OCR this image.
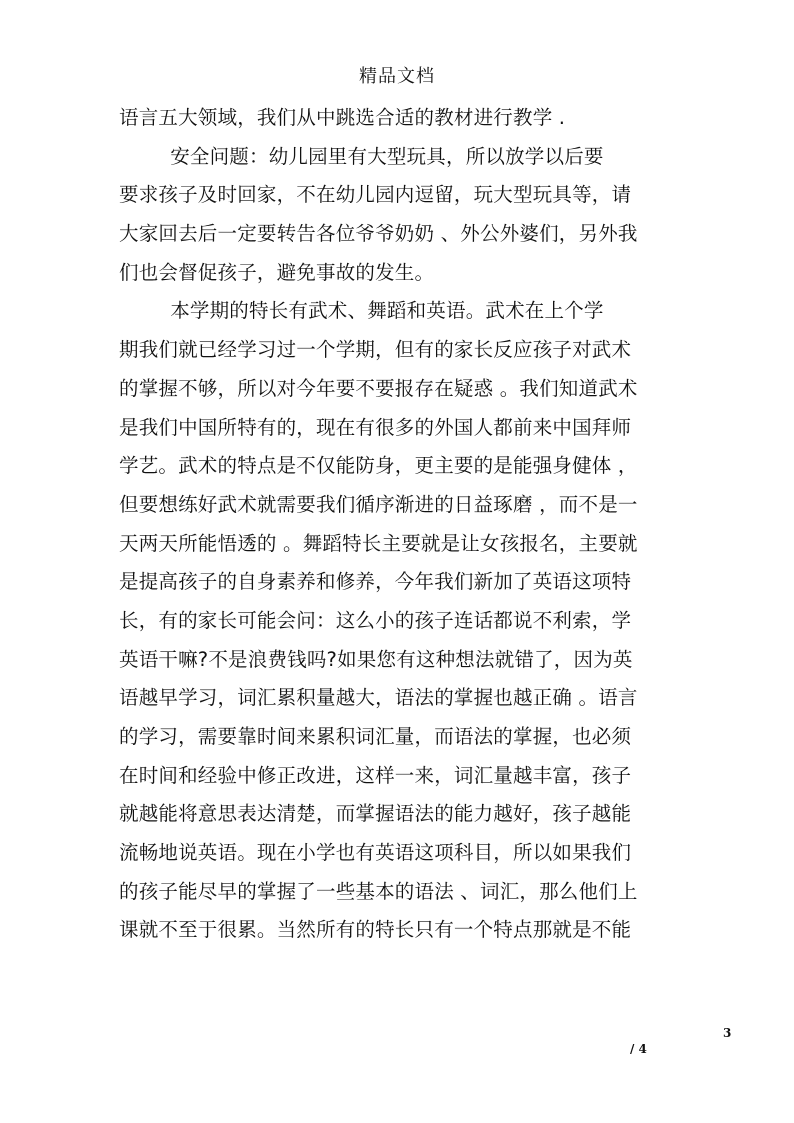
精品文档
语言五大领域，我们从中跳选合适的教材进行教学 .
安全问题：幼儿园里有大型玩具，所以放学以后要
要求孩子及时回家，不在幼儿园内逗留，玩大型玩具等，请
大家回去后一定要转告各位爷爷奶奶 、外公外婆们，另外我
们也会督促孩子，避免事故的发生。
本学期的特长有武术、舞蹈和英语。武术在上个学
期我们就已经学习过一个学期，但有的家长反应孩子对武术
的掌握不够，所以对今年要不要报存在疑惑 。我们知道武术
是我们中国所特有的，现在有很多的外国人都前来中国拜师
学艺。武术的特点是不仅能防身，更主要的是能强身健体 ，
但要想练好武术就需要我们循序渐进的日益琢磨 ，而不是一
天两天所能悟透的 。舞蹈特长主要就是让女孩报名，主要就
是提高孩子的自身素养和修养，今年我们新加了英语这项特
长，有的家长可能会问：这么小的孩子连话都说不利索，学
英语干嘛?不是浪费钱吗?如果您有这种想法就错了，因为英
语越早学习，词汇累积量越大，语法的掌握也越正确 。语言
的学习，需要靠时间来累积词汇量，而语法的掌握，也必须
在时间和经验中修正改进，这样一来，词汇量越丰富，孩子
就越能将意思表达清楚，而掌握语法的能力越好，孩子越能
流畅地说英语。现在小学也有英语这项科目，所以如果我们
的孩子能尽早的掌握了一些基本的语法 、词汇，那么他们上
课就不至于很累。当然所有的特长只有一个特点那就是不能
3
/ 4
